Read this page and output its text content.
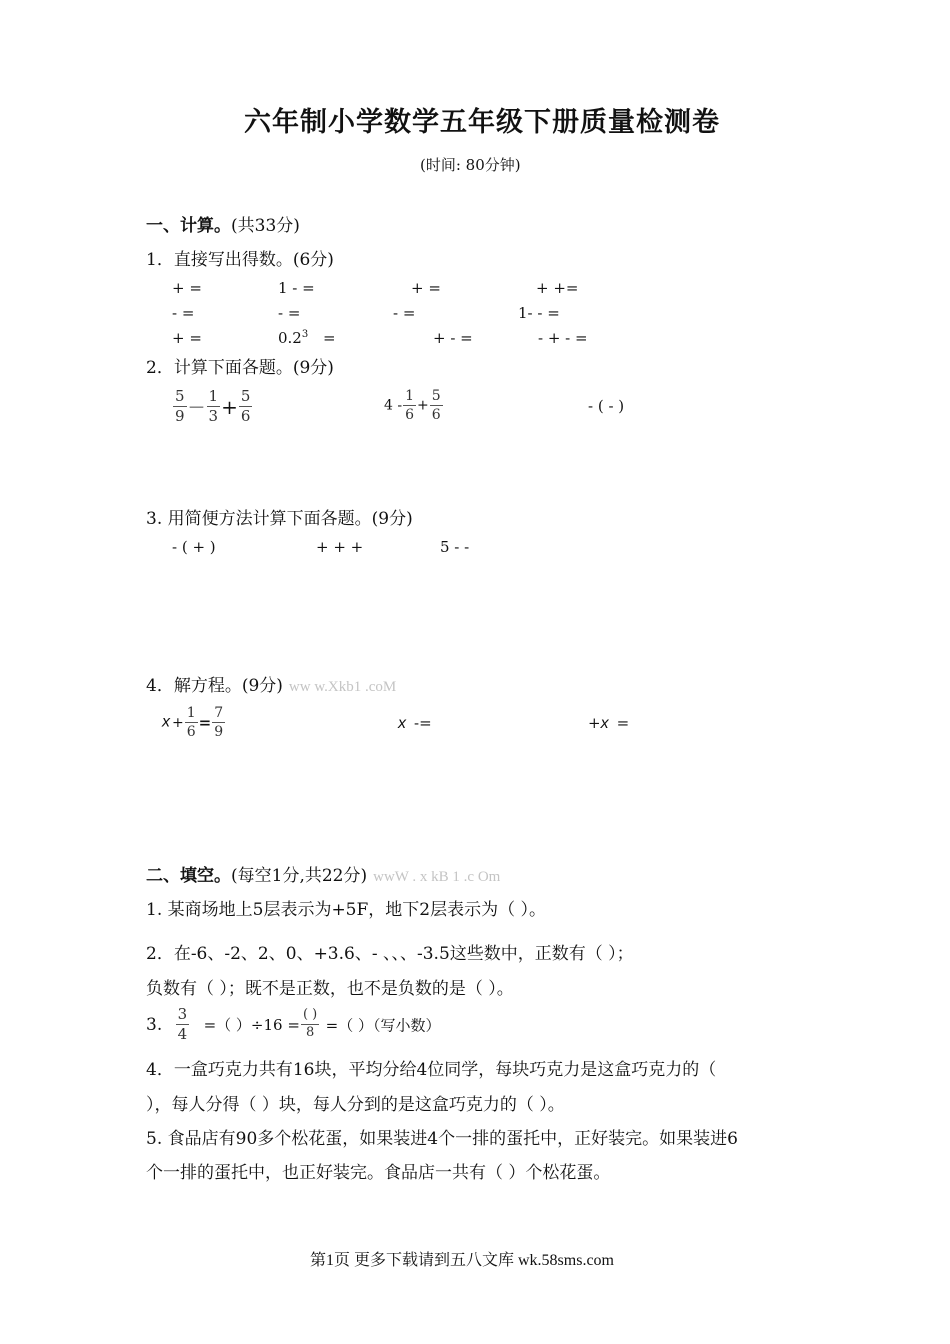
六年制小学数学五年级下册质量检测卷
(时间: 80分钟)
一、计算。(共33分)
1．直接写出得数。(6分)
+ =	1 - =	+ =	+ +=
- =	- =	- =	1- - =
+ =	$0.2^3$ =	+ - =	- + - =
2．计算下面各题。(9分)
$\frac{5}{9} - \frac{1}{3} + \frac{5}{6}$	$4 - \frac{1}{6} + \frac{5}{6}$	- ( - )
3. 用简便方法计算下面各题。(9分)
- ( + )	+ + +	5 - -
4．解方程。(9分) ww w.Xkb1 .coM
$x + \frac{1}{6} = \frac{7}{9}$	x -=	+x =
二、填空。(每空1分,共22分) wwW . x kB 1 .c Om
1. 某商场地上5层表示为+5F，地下2层表示为（ ）。
2．在-6、-2、2、0、+3.6、- 、、、-3.5这些数中，正数有（ ）；
负数有（ ）；既不是正数，也不是负数的是（ ）。
3. $\frac{3}{4}$ =（ ）$\div 16 = \frac{( )}{8}$ =（ ）（写小数）
4．一盒巧克力共有16块，平均分给4位同学，每块巧克力是这盒巧克力的（
），每人分得（ ）块，每人分到的是这盒巧克力的（ ）。
5. 食品店有90多个松花蛋，如果装进4个一排的蛋托中，正好装完。如果装进6
个一排的蛋托中，也正好装完。食品店一共有（ ）个松花蛋。
第1页 更多下载请到五八文库 wk.58sms.com
